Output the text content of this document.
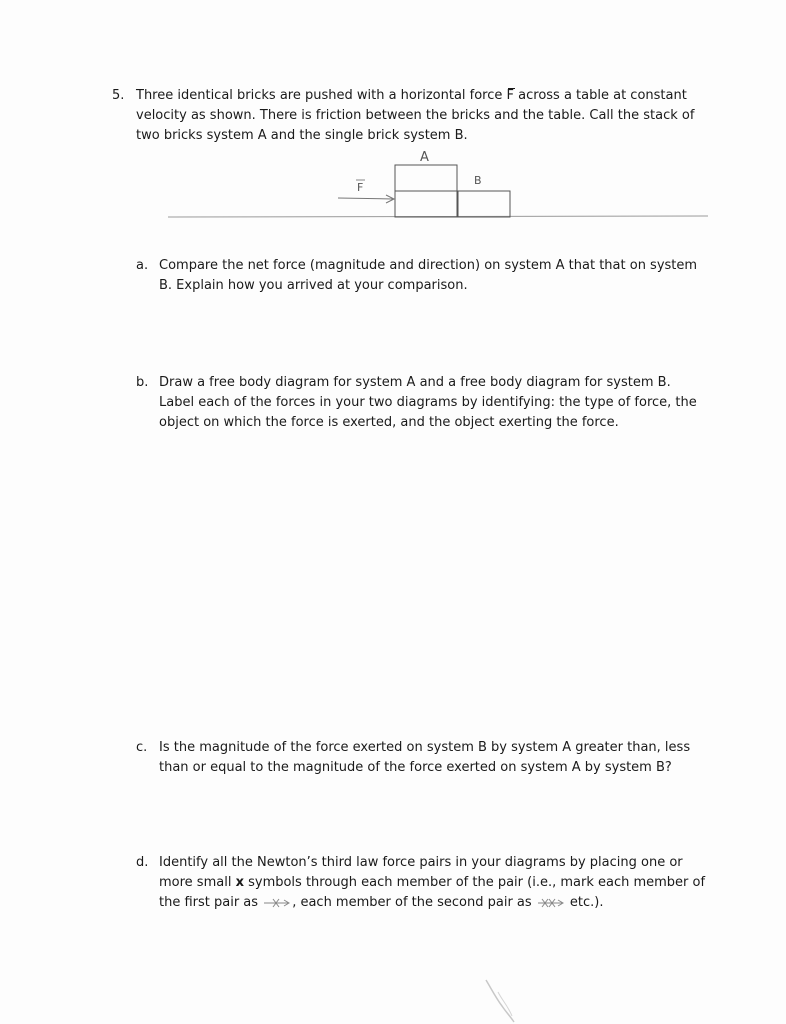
5. Three identical bricks are pushed with a horizontal force
F across a table at constant velocity as shown. There is friction between the bricks and the table. Call the stack of two bricks system A and the single brick system B.
A
B
F
a. Compare the net force (magnitude and direction) on system A that that on system B. Explain how you arrived at your comparison.
b. Draw a free body diagram for system A and a free body diagram for system B. Label each of the forces in your two diagrams by identifying: the type of force, the object on which the force is exerted, and the object exerting the force.
c. Is the magnitude of the force exerted on system B by system A greater than, less than or equal to the magnitude of the force exerted on system A by system B?
d. Identify all the Newton’s third law force pairs in your diagrams by placing one or more small x symbols through each member of the pair (i.e., mark each member of the first pair as
, each member of the second pair as
etc.).
